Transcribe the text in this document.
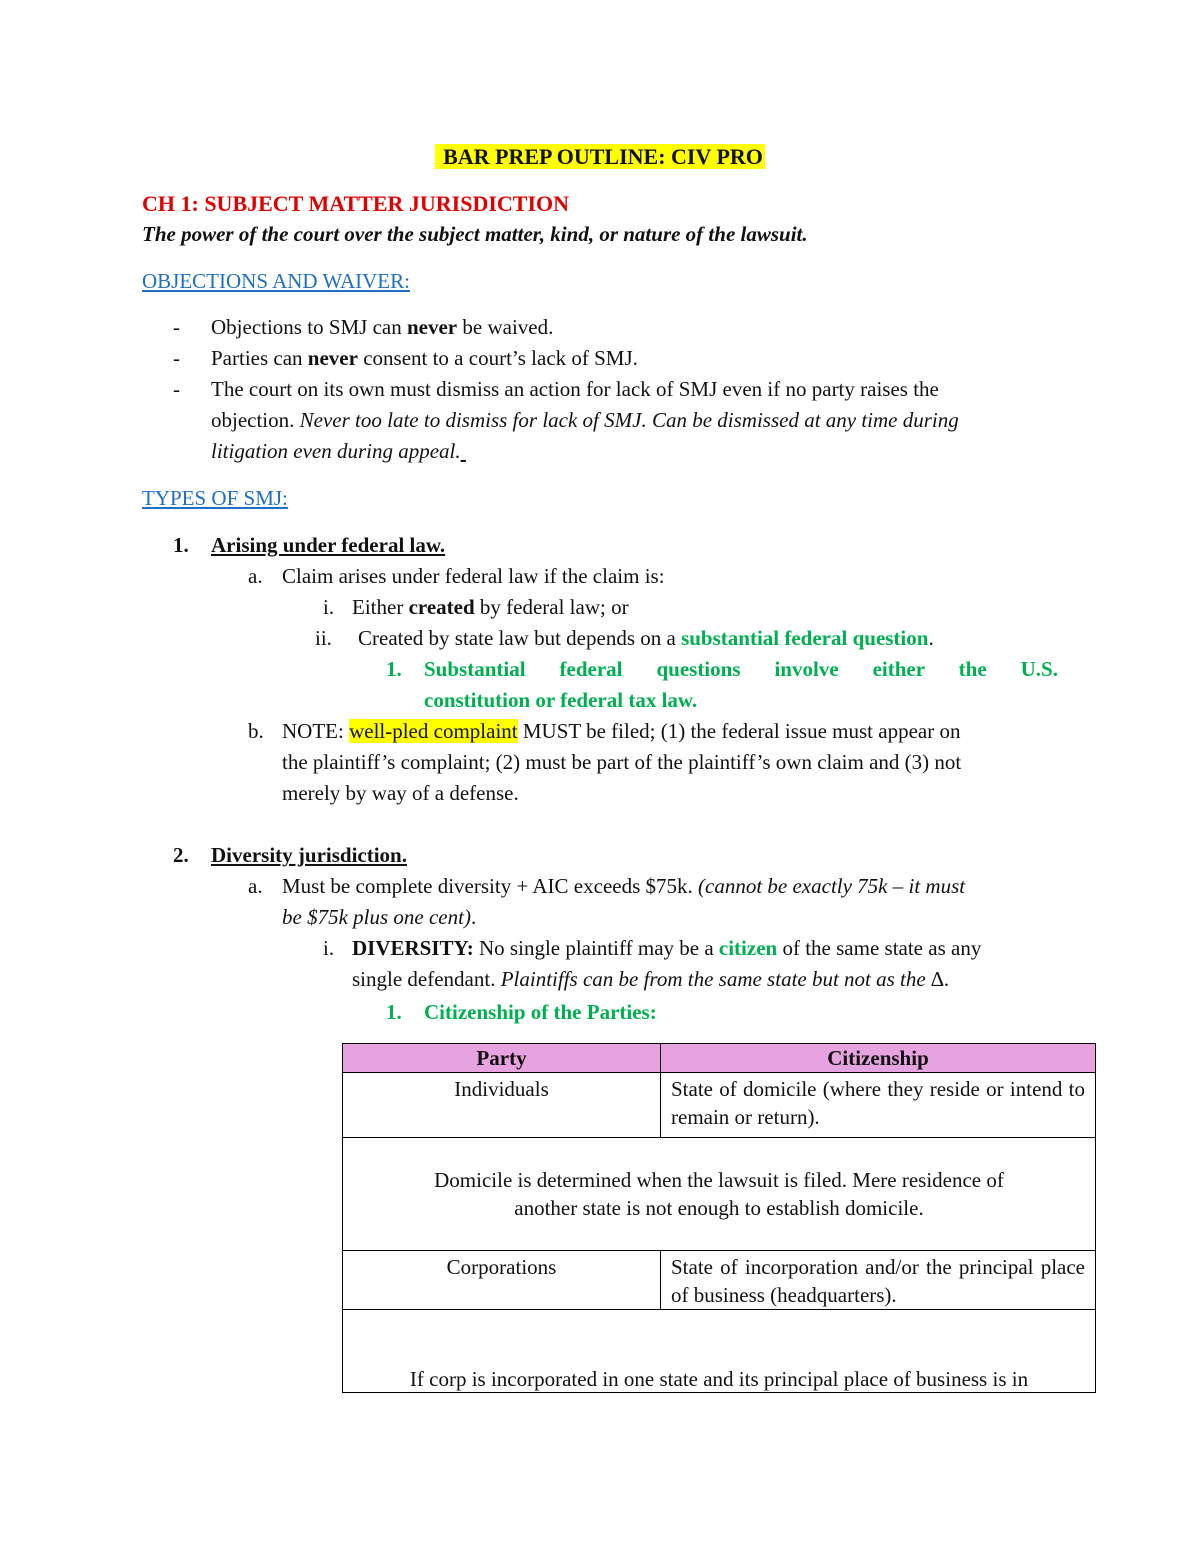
BAR PREP OUTLINE: CIV PRO
CH 1: SUBJECT MATTER JURISDICTION
The power of the court over the subject matter, kind, or nature of the lawsuit.
OBJECTIONS AND WAIVER:
- Objections to SMJ can never be waived.
- Parties can never consent to a court’s lack of SMJ.
- The court on its own must dismiss an action for lack of SMJ even if no party raises the
objection. Never too late to dismiss for lack of SMJ. Can be dismissed at any time during
litigation even during appeal.
TYPES OF SMJ:
1. Arising under federal law.
a. Claim arises under federal law if the claim is:
i. Either created by federal law; or
ii. Created by state law but depends on a substantial federal question.
1. Substantial federal questions involve either the U.S.
constitution or federal tax law.
b. NOTE: well-pled complaint MUST be filed; (1) the federal issue must appear on
the plaintiff’s complaint; (2) must be part of the plaintiff’s own claim and (3) not
merely by way of a defense.
2. Diversity jurisdiction.
a. Must be complete diversity + AIC exceeds $75k. (cannot be exactly 75k – it must
be $75k plus one cent).
i. DIVERSITY: No single plaintiff may be a citizen of the same state as any
single defendant. Plaintiffs can be from the same state but not as the ∆.
1. Citizenship of the Parties:
Party	Citizenship
Individuals	State of domicile (where they reside or intend to remain or return).
Domicile is determined when the lawsuit is filed. Mere residence of another state is not enough to establish domicile.	
Corporations	State of incorporation and/or the principal place of business (headquarters).
If corp is incorporated in one state and its principal place of business is in	
